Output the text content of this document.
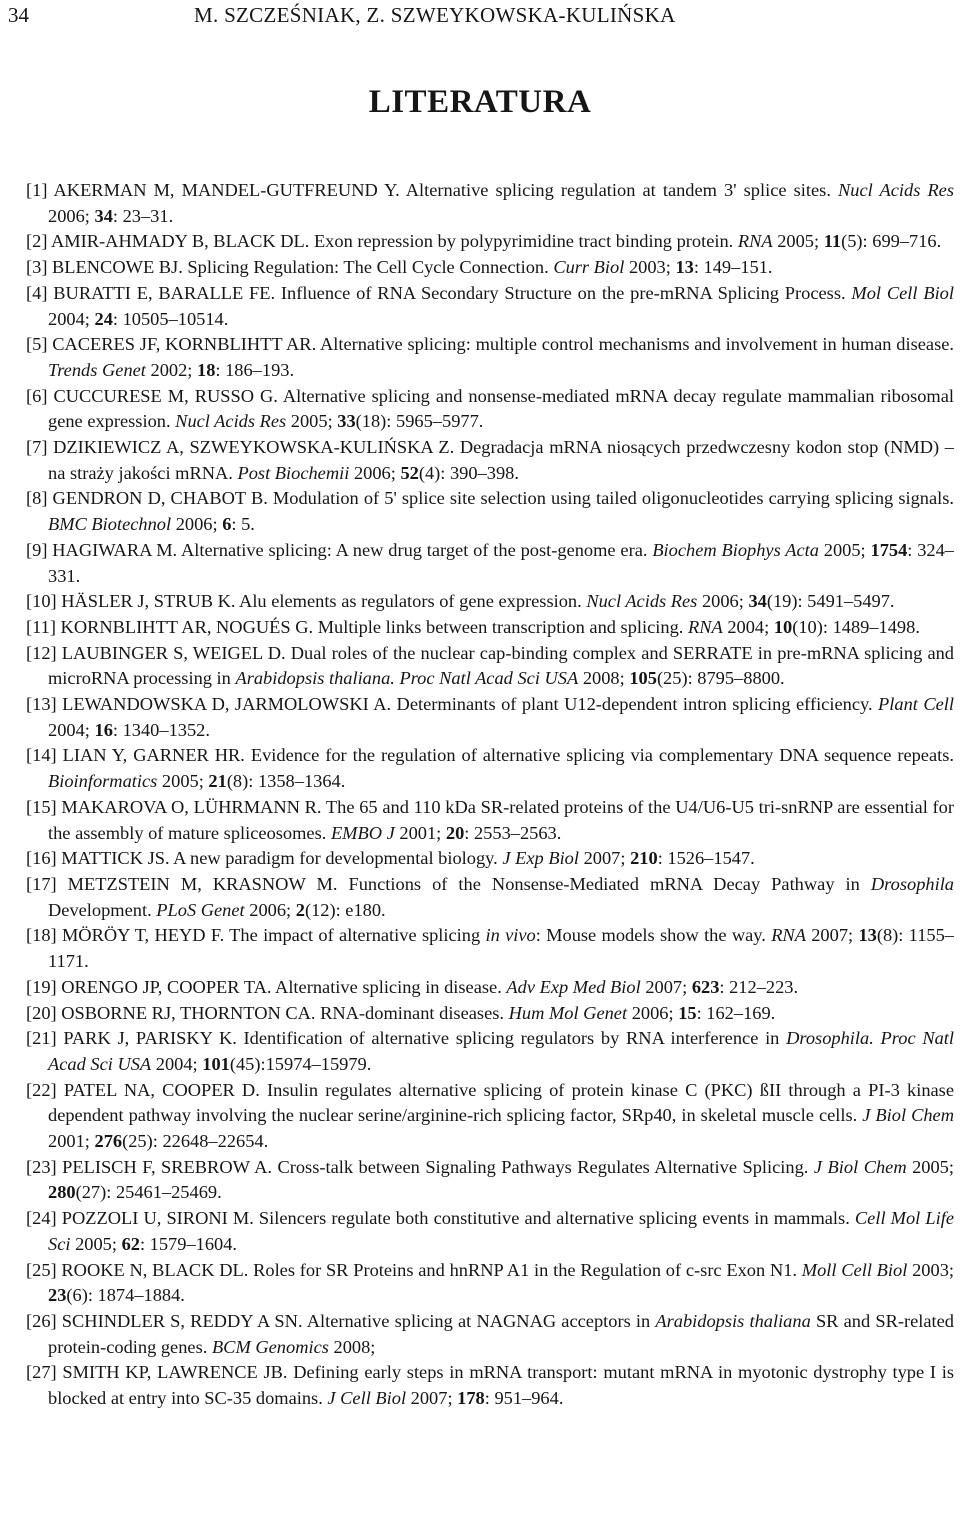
34	M. SZCZEŚNIAK, Z. SZWEYKOWSKA-KULIŃSKA
LITERATURA
[1] AKERMAN M, MANDEL-GUTFREUND Y. Alternative splicing regulation at tandem 3' splice sites. Nucl Acids Res 2006; 34: 23–31.
[2] AMIR-AHMADY B, BLACK DL. Exon repression by polypyrimidine tract binding protein. RNA 2005; 11(5): 699–716.
[3] BLENCOWE BJ. Splicing Regulation: The Cell Cycle Connection. Curr Biol 2003; 13: 149–151.
[4] BURATTI E, BARALLE FE. Influence of RNA Secondary Structure on the pre-mRNA Splicing Process. Mol Cell Biol 2004; 24: 10505–10514.
[5] CACERES JF, KORNBLIHTT AR. Alternative splicing: multiple control mechanisms and involvement in human disease. Trends Genet 2002; 18: 186–193.
[6] CUCCURESE M, RUSSO G. Alternative splicing and nonsense-mediated mRNA decay regulate mammalian ribosomal gene expression. Nucl Acids Res 2005; 33(18): 5965–5977.
[7] DZIKIEWICZ A, SZWEYKOWSKA-KULIŃSKA Z. Degradacja mRNA niosących przedwczesny kodon stop (NMD) – na straży jakości mRNA. Post Biochemii 2006; 52(4): 390–398.
[8] GENDRON D, CHABOT B. Modulation of 5' splice site selection using tailed oligonucleotides carrying splicing signals. BMC Biotechnol 2006; 6: 5.
[9] HAGIWARA M. Alternative splicing: A new drug target of the post-genome era. Biochem Biophys Acta 2005; 1754: 324–331.
[10] HÄSLER J, STRUB K. Alu elements as regulators of gene expression. Nucl Acids Res 2006; 34(19): 5491–5497.
[11] KORNBLIHTT AR, NOGUÉS G. Multiple links between transcription and splicing. RNA 2004; 10(10): 1489–1498.
[12] LAUBINGER S, WEIGEL D. Dual roles of the nuclear cap-binding complex and SERRATE in pre-mRNA splicing and microRNA processing in Arabidopsis thaliana. Proc Natl Acad Sci USA 2008; 105(25): 8795–8800.
[13] LEWANDOWSKA D, JARMOLOWSKI A. Determinants of plant U12-dependent intron splicing efficiency. Plant Cell 2004; 16: 1340–1352.
[14] LIAN Y, GARNER HR. Evidence for the regulation of alternative splicing via complementary DNA sequence repeats. Bioinformatics 2005; 21(8): 1358–1364.
[15] MAKAROVA O, LÜHRMANN R. The 65 and 110 kDa SR-related proteins of the U4/U6-U5 tri-snRNP are essential for the assembly of mature spliceosomes. EMBO J 2001; 20: 2553–2563.
[16] MATTICK JS. A new paradigm for developmental biology. J Exp Biol 2007; 210: 1526–1547.
[17] METZSTEIN M, KRASNOW M. Functions of the Nonsense-Mediated mRNA Decay Pathway in Drosophila Development. PLoS Genet 2006; 2(12): e180.
[18] MÖRÖY T, HEYD F. The impact of alternative splicing in vivo: Mouse models show the way. RNA 2007; 13(8): 1155–1171.
[19] ORENGO JP, COOPER TA. Alternative splicing in disease. Adv Exp Med Biol 2007; 623: 212–223.
[20] OSBORNE RJ, THORNTON CA. RNA-dominant diseases. Hum Mol Genet 2006; 15: 162–169.
[21] PARK J, PARISKY K. Identification of alternative splicing regulators by RNA interference in Drosophila. Proc Natl Acad Sci USA 2004; 101(45):15974–15979.
[22] PATEL NA, COOPER D. Insulin regulates alternative splicing of protein kinase C (PKC) ßII through a PI-3 kinase dependent pathway involving the nuclear serine/arginine-rich splicing factor, SRp40, in skeletal muscle cells. J Biol Chem 2001; 276(25): 22648–22654.
[23] PELISCH F, SREBROW A. Cross-talk between Signaling Pathways Regulates Alternative Splicing. J Biol Chem 2005; 280(27): 25461–25469.
[24] POZZOLI U, SIRONI M. Silencers regulate both constitutive and alternative splicing events in mammals. Cell Mol Life Sci 2005; 62: 1579–1604.
[25] ROOKE N, BLACK DL. Roles for SR Proteins and hnRNP A1 in the Regulation of c-src Exon N1. Moll Cell Biol 2003; 23(6): 1874–1884.
[26] SCHINDLER S, REDDY A SN. Alternative splicing at NAGNAG acceptors in Arabidopsis thaliana SR and SR-related protein-coding genes. BCM Genomics 2008;
[27] SMITH KP, LAWRENCE JB. Defining early steps in mRNA transport: mutant mRNA in myotonic dystrophy type I is blocked at entry into SC-35 domains. J Cell Biol 2007; 178: 951–964.
